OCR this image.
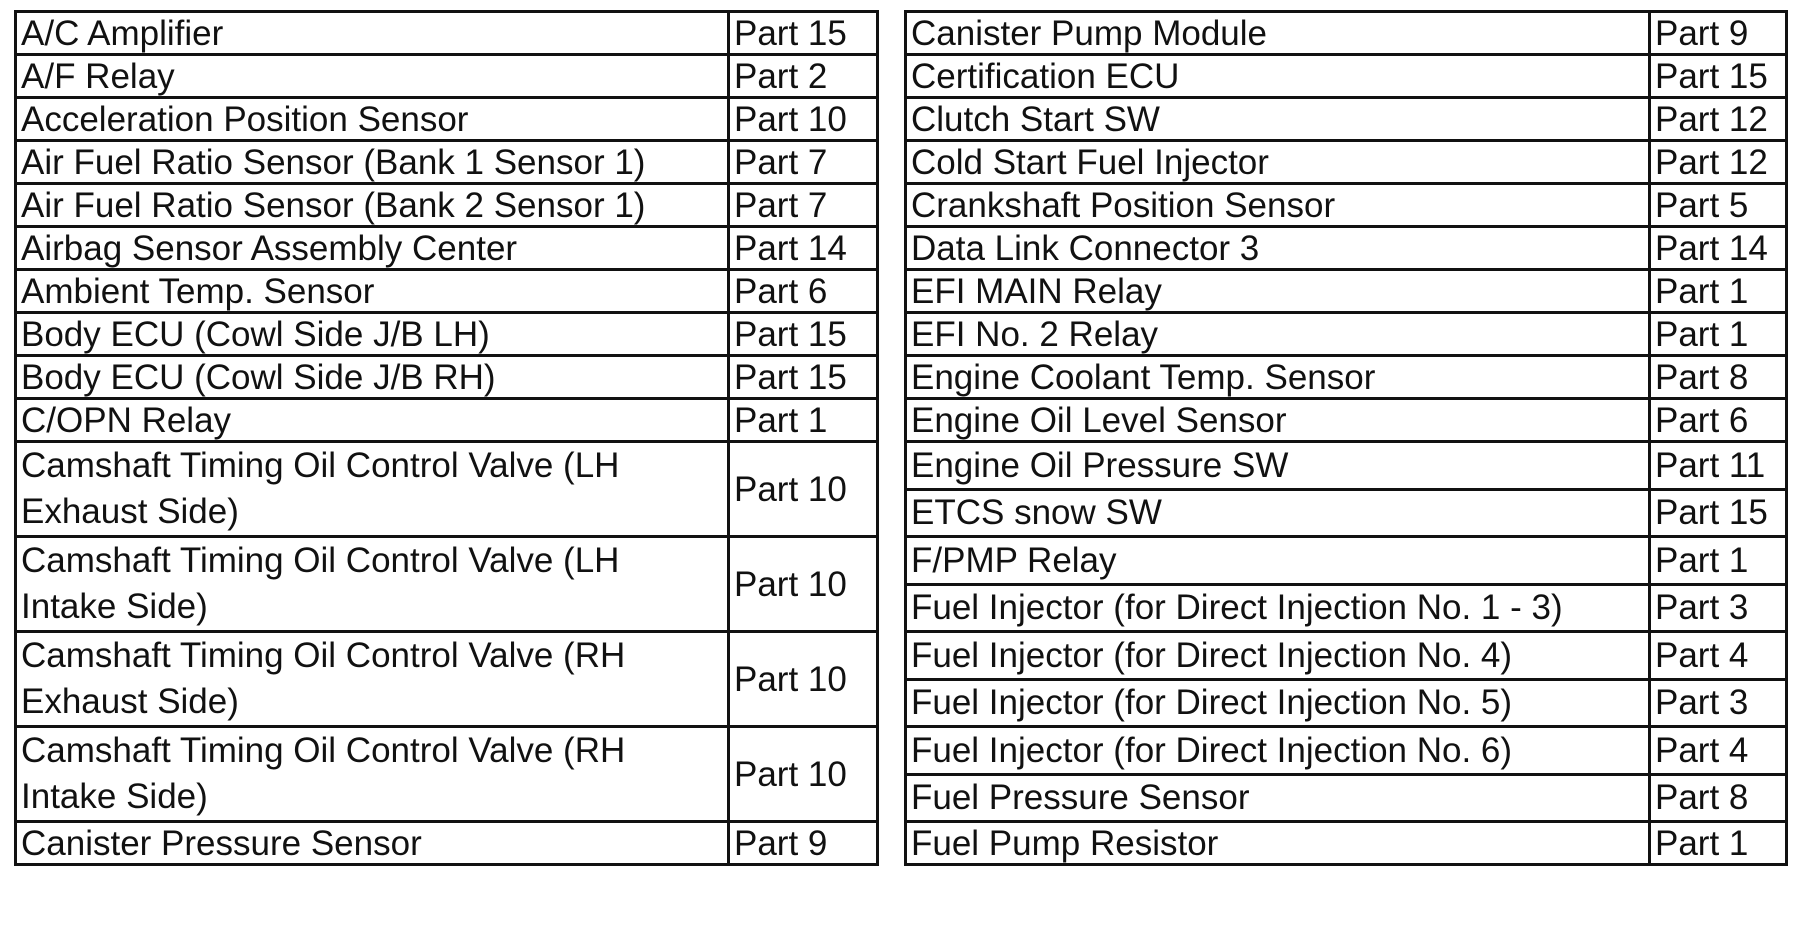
A/C Amplifier	Part 15		Canister Pump Module	Part 9
A/F Relay	Part 2		Certification ECU	Part 15
Acceleration Position Sensor	Part 10		Clutch Start SW	Part 12
Air Fuel Ratio Sensor (Bank 1 Sensor 1)	Part 7		Cold Start Fuel Injector	Part 12
Air Fuel Ratio Sensor (Bank 2 Sensor 1)	Part 7		Crankshaft Position Sensor	Part 5
Airbag Sensor Assembly Center	Part 14		Data Link Connector 3	Part 14
Ambient Temp. Sensor	Part 6		EFI MAIN Relay	Part 1
Body ECU (Cowl Side J/B LH)	Part 15		EFI No. 2 Relay	Part 1
Body ECU (Cowl Side J/B RH)	Part 15		Engine Coolant Temp. Sensor	Part 8
C/OPN Relay	Part 1		Engine Oil Level Sensor	Part 6
Camshaft Timing Oil Control Valve (LH Exhaust Side)	Part 10		Engine Oil Pressure SW	Part 11
			ETCS snow SW	Part 15
Camshaft Timing Oil Control Valve (LH Intake Side)	Part 10		F/PMP Relay	Part 1
			Fuel Injector (for Direct Injection No. 1 - 3)	Part 3
Camshaft Timing Oil Control Valve (RH Exhaust Side)	Part 10		Fuel Injector (for Direct Injection No. 4)	Part 4
			Fuel Injector (for Direct Injection No. 5)	Part 3
Camshaft Timing Oil Control Valve (RH Intake Side)	Part 10		Fuel Injector (for Direct Injection No. 6)	Part 4
			Fuel Pressure Sensor	Part 8
Canister Pressure Sensor	Part 9		Fuel Pump Resistor	Part 1
